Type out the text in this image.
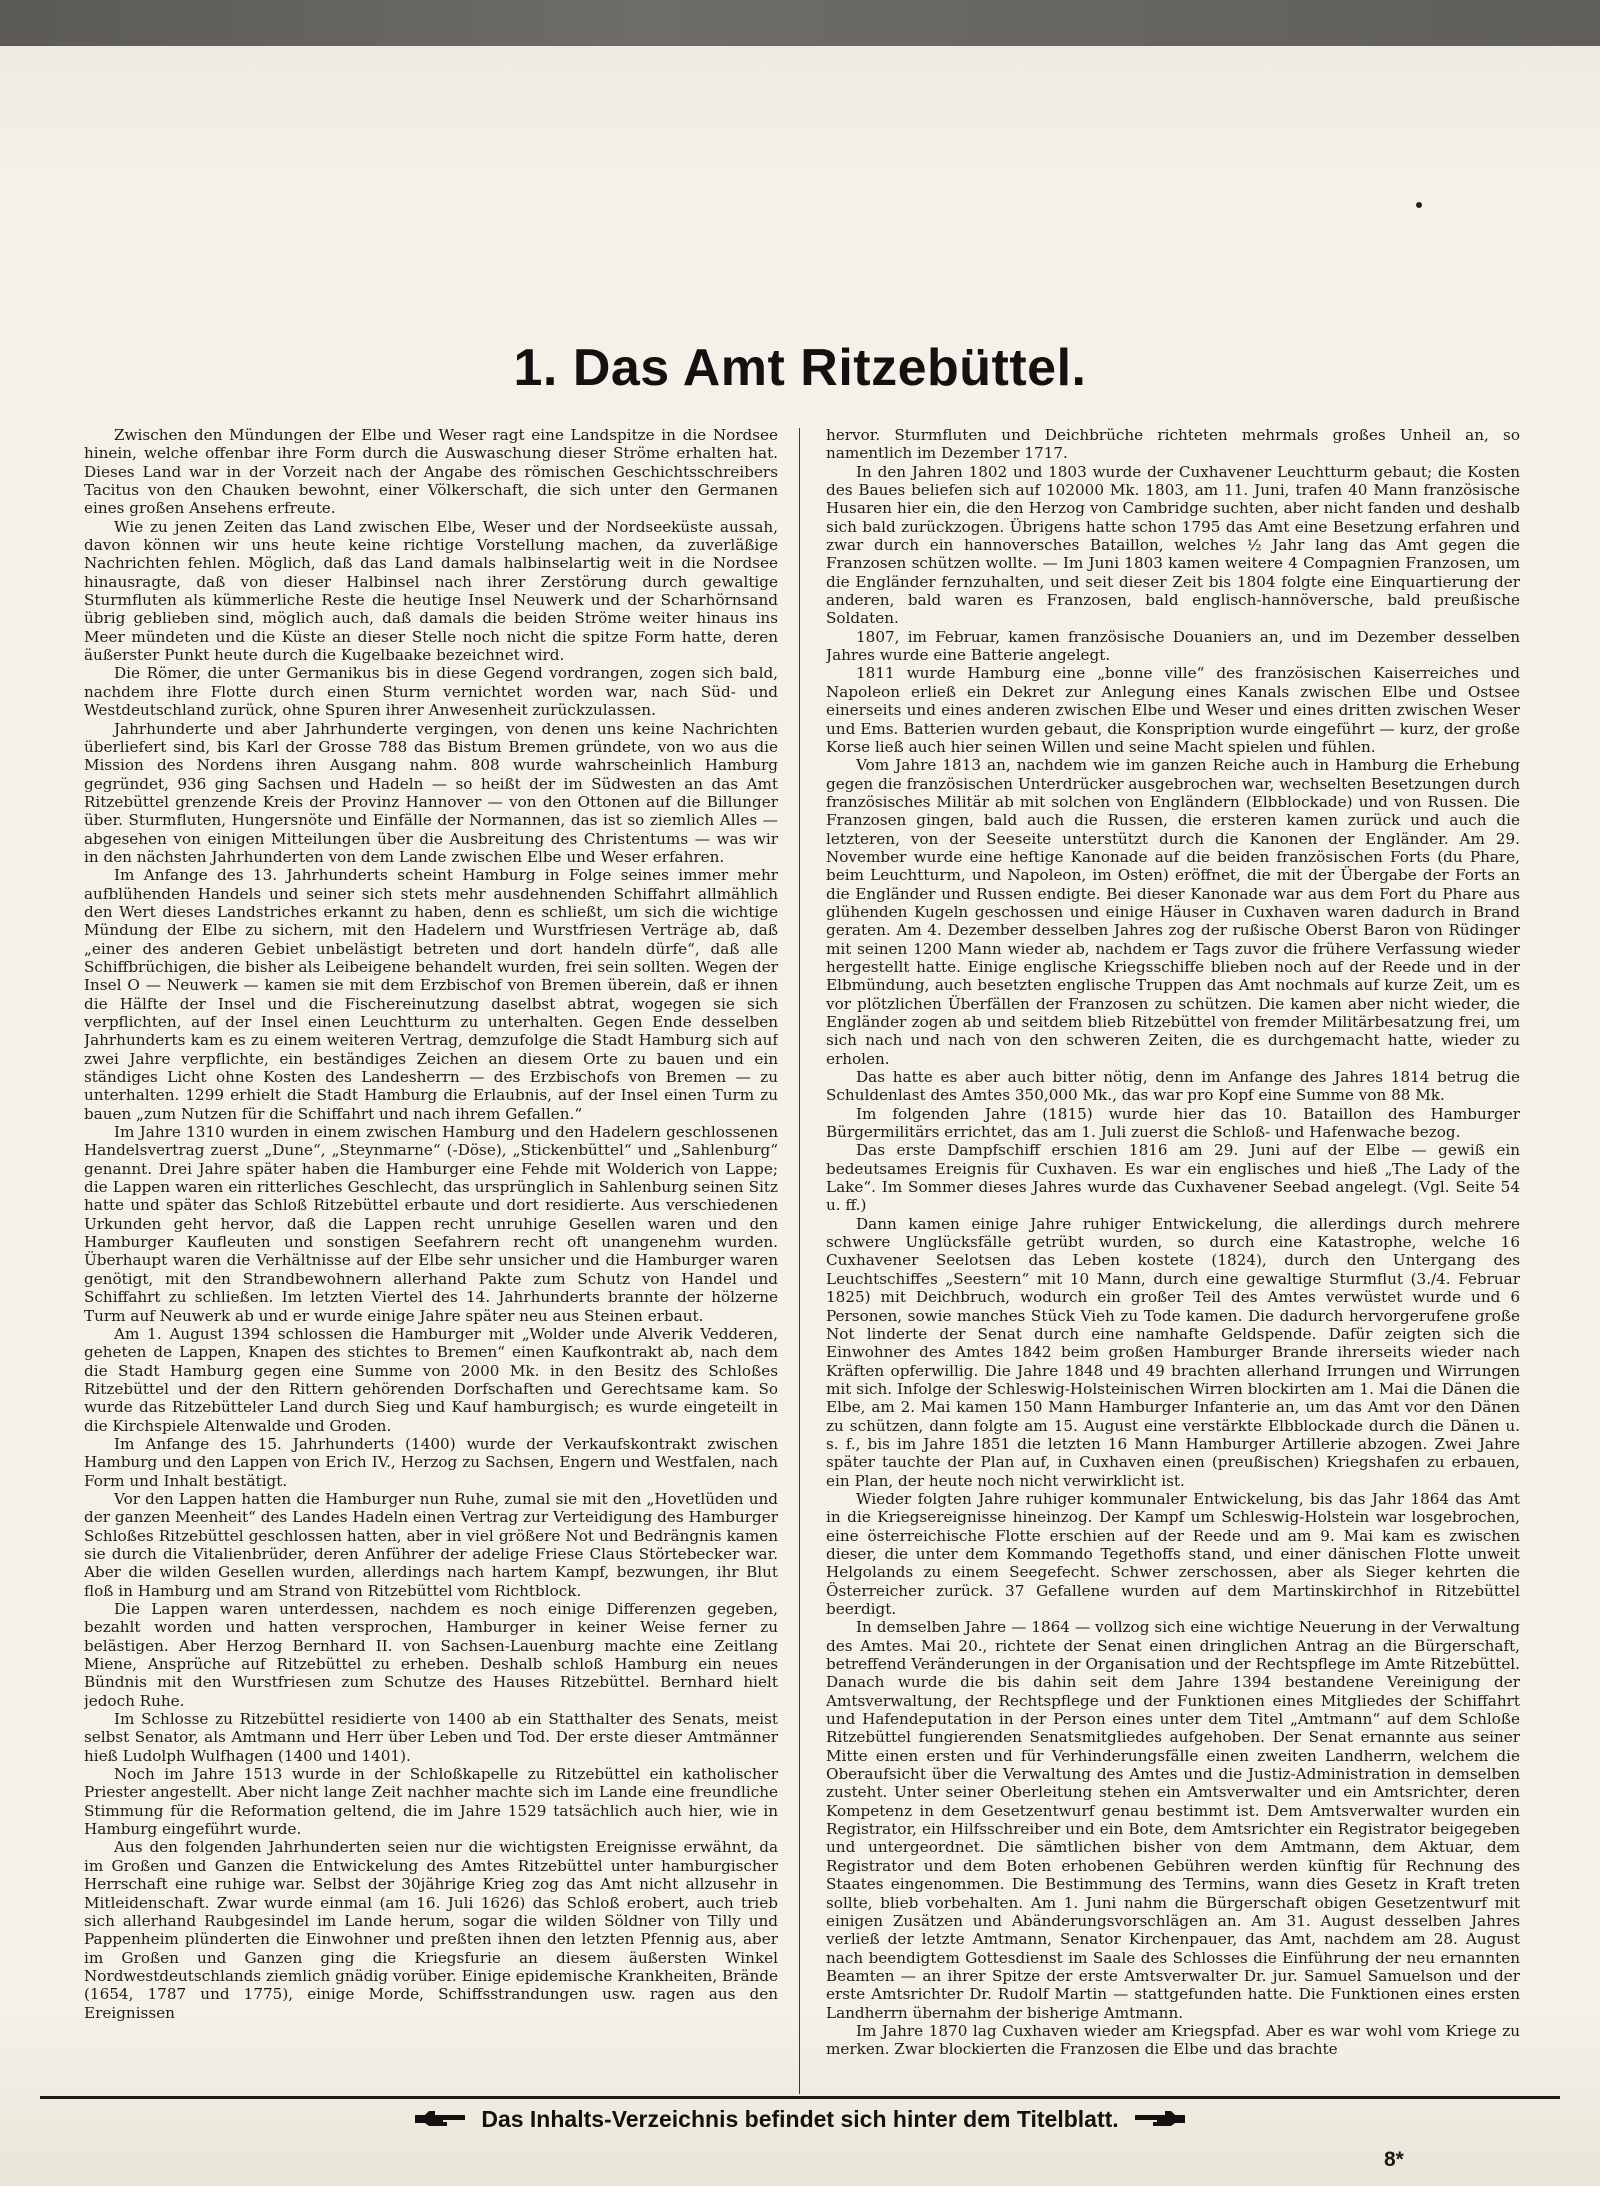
1. Das Amt Ritzebüttel.

Zwischen den Mündungen der Elbe und Weser ragt eine Landspitze in die Nordsee hinein, welche offenbar ihre Form durch die Auswaschung dieser Ströme erhalten hat. Dieses Land war in der Vorzeit nach der Angabe des römischen Geschichtsschreibers Tacitus von den Chauken bewohnt, einer Völkerschaft, die sich unter den Germanen eines großen Ansehens erfreute.

Wie zu jenen Zeiten das Land zwischen Elbe, Weser und der Nordseeküste aussah, davon können wir uns heute keine richtige Vorstellung machen, da zuverläßige Nachrichten fehlen. Möglich, daß das Land damals halbinselartig weit in die Nordsee hinausragte, daß von dieser Halbinsel nach ihrer Zerstörung durch gewaltige Sturmfluten als kümmerliche Reste die heutige Insel Neuwerk und der Scharhörnsand übrig geblieben sind, möglich auch, daß damals die beiden Ströme weiter hinaus ins Meer mündeten und die Küste an dieser Stelle noch nicht die spitze Form hatte, deren äußerster Punkt heute durch die Kugelbaake bezeichnet wird.

Die Römer, die unter Germanikus bis in diese Gegend vordrangen, zogen sich bald, nachdem ihre Flotte durch einen Sturm vernichtet worden war, nach Süd- und Westdeutschland zurück, ohne Spuren ihrer Anwesenheit zurückzulassen.

Jahrhunderte und aber Jahrhunderte vergingen, von denen uns keine Nachrichten überliefert sind, bis Karl der Grosse 788 das Bistum Bremen gründete, von wo aus die Mission des Nordens ihren Ausgang nahm. 808 wurde wahrscheinlich Hamburg gegründet, 936 ging Sachsen und Hadeln — so heißt der im Südwesten an das Amt Ritzebüttel grenzende Kreis der Provinz Hannover — von den Ottonen auf die Billunger über. Sturmfluten, Hungersnöte und Einfälle der Normannen, das ist so ziemlich Alles — abgesehen von einigen Mitteilungen über die Ausbreitung des Christentums — was wir in den nächsten Jahrhunderten von dem Lande zwischen Elbe und Weser erfahren.

Im Anfange des 13. Jahrhunderts scheint Hamburg in Folge seines immer mehr aufblühenden Handels und seiner sich stets mehr ausdehnenden Schiffahrt allmählich den Wert dieses Landstriches erkannt zu haben, denn es schließt, um sich die wichtige Mündung der Elbe zu sichern, mit den Hadelern und Wurstfriesen Verträge ab, daß „einer des anderen Gebiet unbelästigt betreten und dort handeln dürfe“, daß alle Schiffbrüchigen, die bisher als Leibeigene behandelt wurden, frei sein sollten. Wegen der Insel O — Neuwerk — kamen sie mit dem Erzbischof von Bremen überein, daß er ihnen die Hälfte der Insel und die Fischereinutzung daselbst abtrat, wogegen sie sich verpflichten, auf der Insel einen Leuchtturm zu unterhalten. Gegen Ende desselben Jahrhunderts kam es zu einem weiteren Vertrag, demzufolge die Stadt Hamburg sich auf zwei Jahre verpflichte, ein beständiges Zeichen an diesem Orte zu bauen und ein ständiges Licht ohne Kosten des Landesherrn — des Erzbischofs von Bremen — zu unterhalten. 1299 erhielt die Stadt Hamburg die Erlaubnis, auf der Insel einen Turm zu bauen „zum Nutzen für die Schiffahrt und nach ihrem Gefallen.“

Im Jahre 1310 wurden in einem zwischen Hamburg und den Hadelern geschlossenen Handelsvertrag zuerst „Dune“, „Steynmarne“ (-Döse), „Stickenbüttel“ und „Sahlenburg“ genannt. Drei Jahre später haben die Hamburger eine Fehde mit Wolderich von Lappe; die Lappen waren ein ritterliches Geschlecht, das ursprünglich in Sahlenburg seinen Sitz hatte und später das Schloß Ritzebüttel erbaute und dort residierte. Aus verschiedenen Urkunden geht hervor, daß die Lappen recht unruhige Gesellen waren und den Hamburger Kaufleuten und sonstigen Seefahrern recht oft unangenehm wurden. Überhaupt waren die Verhältnisse auf der Elbe sehr unsicher und die Hamburger waren genötigt, mit den Strandbewohnern allerhand Pakte zum Schutz von Handel und Schiffahrt zu schließen. Im letzten Viertel des 14. Jahrhunderts brannte der hölzerne Turm auf Neuwerk ab und er wurde einige Jahre später neu aus Steinen erbaut.

Am 1. August 1394 schlossen die Hamburger mit „Wolder unde Alverik Vedderen, geheten de Lappen, Knapen des stichtes to Bremen“ einen Kaufkontrakt ab, nach dem die Stadt Hamburg gegen eine Summe von 2000 Mk. in den Besitz des Schloßes Ritzebüttel und der den Rittern gehörenden Dorfschaften und Gerechtsame kam. So wurde das Ritzebütteler Land durch Sieg und Kauf hamburgisch; es wurde eingeteilt in die Kirchspiele Altenwalde und Groden.

Im Anfange des 15. Jahrhunderts (1400) wurde der Verkaufskontrakt zwischen Hamburg und den Lappen von Erich IV., Herzog zu Sachsen, Engern und Westfalen, nach Form und Inhalt bestätigt.

Vor den Lappen hatten die Hamburger nun Ruhe, zumal sie mit den „Hovetlüden und der ganzen Meenheit“ des Landes Hadeln einen Vertrag zur Verteidigung des Hamburger Schloßes Ritzebüttel geschlossen hatten, aber in viel größere Not und Bedrängnis kamen sie durch die Vitalienbrüder, deren Anführer der adelige Friese Claus Störtebecker war. Aber die wilden Gesellen wurden, allerdings nach hartem Kampf, bezwungen, ihr Blut floß in Hamburg und am Strand von Ritzebüttel vom Richtblock.

Die Lappen waren unterdessen, nachdem es noch einige Differenzen gegeben, bezahlt worden und hatten versprochen, Hamburger in keiner Weise ferner zu belästigen. Aber Herzog Bernhard II. von Sachsen-Lauenburg machte eine Zeitlang Miene, Ansprüche auf Ritzebüttel zu erheben. Deshalb schloß Hamburg ein neues Bündnis mit den Wurstfriesen zum Schutze des Hauses Ritzebüttel. Bernhard hielt jedoch Ruhe.

Im Schlosse zu Ritzebüttel residierte von 1400 ab ein Statthalter des Senats, meist selbst Senator, als Amtmann und Herr über Leben und Tod. Der erste dieser Amtmänner hieß Ludolph Wulfhagen (1400 und 1401).

Noch im Jahre 1513 wurde in der Schloßkapelle zu Ritzebüttel ein katholischer Priester angestellt. Aber nicht lange Zeit nachher machte sich im Lande eine freundliche Stimmung für die Reformation geltend, die im Jahre 1529 tatsächlich auch hier, wie in Hamburg eingeführt wurde.

Aus den folgenden Jahrhunderten seien nur die wichtigsten Ereignisse erwähnt, da im Großen und Ganzen die Entwickelung des Amtes Ritzebüttel unter hamburgischer Herrschaft eine ruhige war. Selbst der 30jährige Krieg zog das Amt nicht allzusehr in Mitleidenschaft. Zwar wurde einmal (am 16. Juli 1626) das Schloß erobert, auch trieb sich allerhand Raubgesindel im Lande herum, sogar die wilden Söldner von Tilly und Pappenheim plünderten die Einwohner und preßten ihnen den letzten Pfennig aus, aber im Großen und Ganzen ging die Kriegsfurie an diesem äußersten Winkel Nordwestdeutschlands ziemlich gnädig vorüber. Einige epidemische Krankheiten, Brände (1654, 1787 und 1775), einige Morde, Schiffsstrandungen usw. ragen aus den Ereignissen

hervor. Sturmfluten und Deichbrüche richteten mehrmals großes Unheil an, so namentlich im Dezember 1717.

In den Jahren 1802 und 1803 wurde der Cuxhavener Leuchtturm gebaut; die Kosten des Baues beliefen sich auf 102000 Mk. 1803, am 11. Juni, trafen 40 Mann französische Husaren hier ein, die den Herzog von Cambridge suchten, aber nicht fanden und deshalb sich bald zurückzogen. Übrigens hatte schon 1795 das Amt eine Besetzung erfahren und zwar durch ein hannoversches Bataillon, welches ½ Jahr lang das Amt gegen die Franzosen schützen wollte. — Im Juni 1803 kamen weitere 4 Compagnien Franzosen, um die Engländer fernzuhalten, und seit dieser Zeit bis 1804 folgte eine Einquartierung der anderen, bald waren es Franzosen, bald englisch-hannöversche, bald preußische Soldaten.

1807, im Februar, kamen französische Douaniers an, und im Dezember desselben Jahres wurde eine Batterie angelegt.

1811 wurde Hamburg eine „bonne ville“ des französischen Kaiserreiches und Napoleon erließ ein Dekret zur Anlegung eines Kanals zwischen Elbe und Ostsee einerseits und eines anderen zwischen Elbe und Weser und eines dritten zwischen Weser und Ems. Batterien wurden gebaut, die Konspription wurde eingeführt — kurz, der große Korse ließ auch hier seinen Willen und seine Macht spielen und fühlen.

Vom Jahre 1813 an, nachdem wie im ganzen Reiche auch in Hamburg die Erhebung gegen die französischen Unterdrücker ausgebrochen war, wechselten Besetzungen durch französisches Militär ab mit solchen von Engländern (Elbblockade) und von Russen. Die Franzosen gingen, bald auch die Russen, die ersteren kamen zurück und auch die letzteren, von der Seeseite unterstützt durch die Kanonen der Engländer. Am 29. November wurde eine heftige Kanonade auf die beiden französischen Forts (du Phare, beim Leuchtturm, und Napoleon, im Osten) eröffnet, die mit der Übergabe der Forts an die Engländer und Russen endigte. Bei dieser Kanonade war aus dem Fort du Phare aus glühenden Kugeln geschossen und einige Häuser in Cuxhaven waren dadurch in Brand geraten. Am 4. Dezember desselben Jahres zog der rußische Oberst Baron von Rüdinger mit seinen 1200 Mann wieder ab, nachdem er Tags zuvor die frühere Verfassung wieder hergestellt hatte. Einige englische Kriegsschiffe blieben noch auf der Reede und in der Elbmündung, auch besetzten englische Truppen das Amt nochmals auf kurze Zeit, um es vor plötzlichen Überfällen der Franzosen zu schützen. Die kamen aber nicht wieder, die Engländer zogen ab und seitdem blieb Ritzebüttel von fremder Militärbesatzung frei, um sich nach und nach von den schweren Zeiten, die es durchgemacht hatte, wieder zu erholen.

Das hatte es aber auch bitter nötig, denn im Anfange des Jahres 1814 betrug die Schuldenlast des Amtes 350,000 Mk., das war pro Kopf eine Summe von 88 Mk.

Im folgenden Jahre (1815) wurde hier das 10. Bataillon des Hamburger Bürgermilitärs errichtet, das am 1. Juli zuerst die Schloß- und Hafenwache bezog.

Das erste Dampfschiff erschien 1816 am 29. Juni auf der Elbe — gewiß ein bedeutsames Ereignis für Cuxhaven. Es war ein englisches und hieß „The Lady of the Lake“. Im Sommer dieses Jahres wurde das Cuxhavener Seebad angelegt. (Vgl. Seite 54 u. ff.)

Dann kamen einige Jahre ruhiger Entwickelung, die allerdings durch mehrere schwere Unglücksfälle getrübt wurden, so durch eine Katastrophe, welche 16 Cuxhavener Seelotsen das Leben kostete (1824), durch den Untergang des Leuchtschiffes „Seestern“ mit 10 Mann, durch eine gewaltige Sturmflut (3./4. Februar 1825) mit Deichbruch, wodurch ein großer Teil des Amtes verwüstet wurde und 6 Personen, sowie manches Stück Vieh zu Tode kamen. Die dadurch hervorgerufene große Not linderte der Senat durch eine namhafte Geldspende. Dafür zeigten sich die Einwohner des Amtes 1842 beim großen Hamburger Brande ihrerseits wieder nach Kräften opferwillig. Die Jahre 1848 und 49 brachten allerhand Irrungen und Wirrungen mit sich. Infolge der Schleswig-Holsteinischen Wirren blockirten am 1. Mai die Dänen die Elbe, am 2. Mai kamen 150 Mann Hamburger Infanterie an, um das Amt vor den Dänen zu schützen, dann folgte am 15. August eine verstärkte Elbblockade durch die Dänen u. s. f., bis im Jahre 1851 die letzten 16 Mann Hamburger Artillerie abzogen. Zwei Jahre später tauchte der Plan auf, in Cuxhaven einen (preußischen) Kriegshafen zu erbauen, ein Plan, der heute noch nicht verwirklicht ist.

Wieder folgten Jahre ruhiger kommunaler Entwickelung, bis das Jahr 1864 das Amt in die Kriegsereignisse hineinzog. Der Kampf um Schleswig-Holstein war losgebrochen, eine österreichische Flotte erschien auf der Reede und am 9. Mai kam es zwischen dieser, die unter dem Kommando Tegethoffs stand, und einer dänischen Flotte unweit Helgolands zu einem Seegefecht. Schwer zerschossen, aber als Sieger kehrten die Österreicher zurück. 37 Gefallene wurden auf dem Martinskirchhof in Ritzebüttel beerdigt.

In demselben Jahre — 1864 — vollzog sich eine wichtige Neuerung in der Verwaltung des Amtes. Mai 20., richtete der Senat einen dringlichen Antrag an die Bürgerschaft, betreffend Veränderungen in der Organisation und der Rechtspflege im Amte Ritzebüttel. Danach wurde die bis dahin seit dem Jahre 1394 bestandene Vereinigung der Amtsverwaltung, der Rechtspflege und der Funktionen eines Mitgliedes der Schiffahrt und Hafendeputation in der Person eines unter dem Titel „Amtmann“ auf dem Schloße Ritzebüttel fungierenden Senatsmitgliedes aufgehoben. Der Senat ernannte aus seiner Mitte einen ersten und für Verhinderungsfälle einen zweiten Landherrn, welchem die Oberaufsicht über die Verwaltung des Amtes und die Justiz-Administration in demselben zusteht. Unter seiner Oberleitung stehen ein Amtsverwalter und ein Amtsrichter, deren Kompetenz in dem Gesetzentwurf genau bestimmt ist. Dem Amtsverwalter wurden ein Registrator, ein Hilfsschreiber und ein Bote, dem Amtsrichter ein Registrator beigegeben und untergeordnet. Die sämtlichen bisher von dem Amtmann, dem Aktuar, dem Registrator und dem Boten erhobenen Gebühren werden künftig für Rechnung des Staates eingenommen. Die Bestimmung des Termins, wann dies Gesetz in Kraft treten sollte, blieb vorbehalten. Am 1. Juni nahm die Bürgerschaft obigen Gesetzentwurf mit einigen Zusätzen und Abänderungsvorschlägen an. Am 31. August desselben Jahres verließ der letzte Amtmann, Senator Kirchenpauer, das Amt, nachdem am 28. August nach beendigtem Gottesdienst im Saale des Schlosses die Einführung der neu ernannten Beamten — an ihrer Spitze der erste Amtsverwalter Dr. jur. Samuel Samuelson und der erste Amtsrichter Dr. Rudolf Martin — stattgefunden hatte. Die Funktionen eines ersten Landherrn übernahm der bisherige Amtmann.

Im Jahre 1870 lag Cuxhaven wieder am Kriegspfad. Aber es war wohl vom Kriege zu merken. Zwar blockierten die Franzosen die Elbe und das brachte

Das Inhalts-Verzeichnis befindet sich hinter dem Titelblatt.
8*
